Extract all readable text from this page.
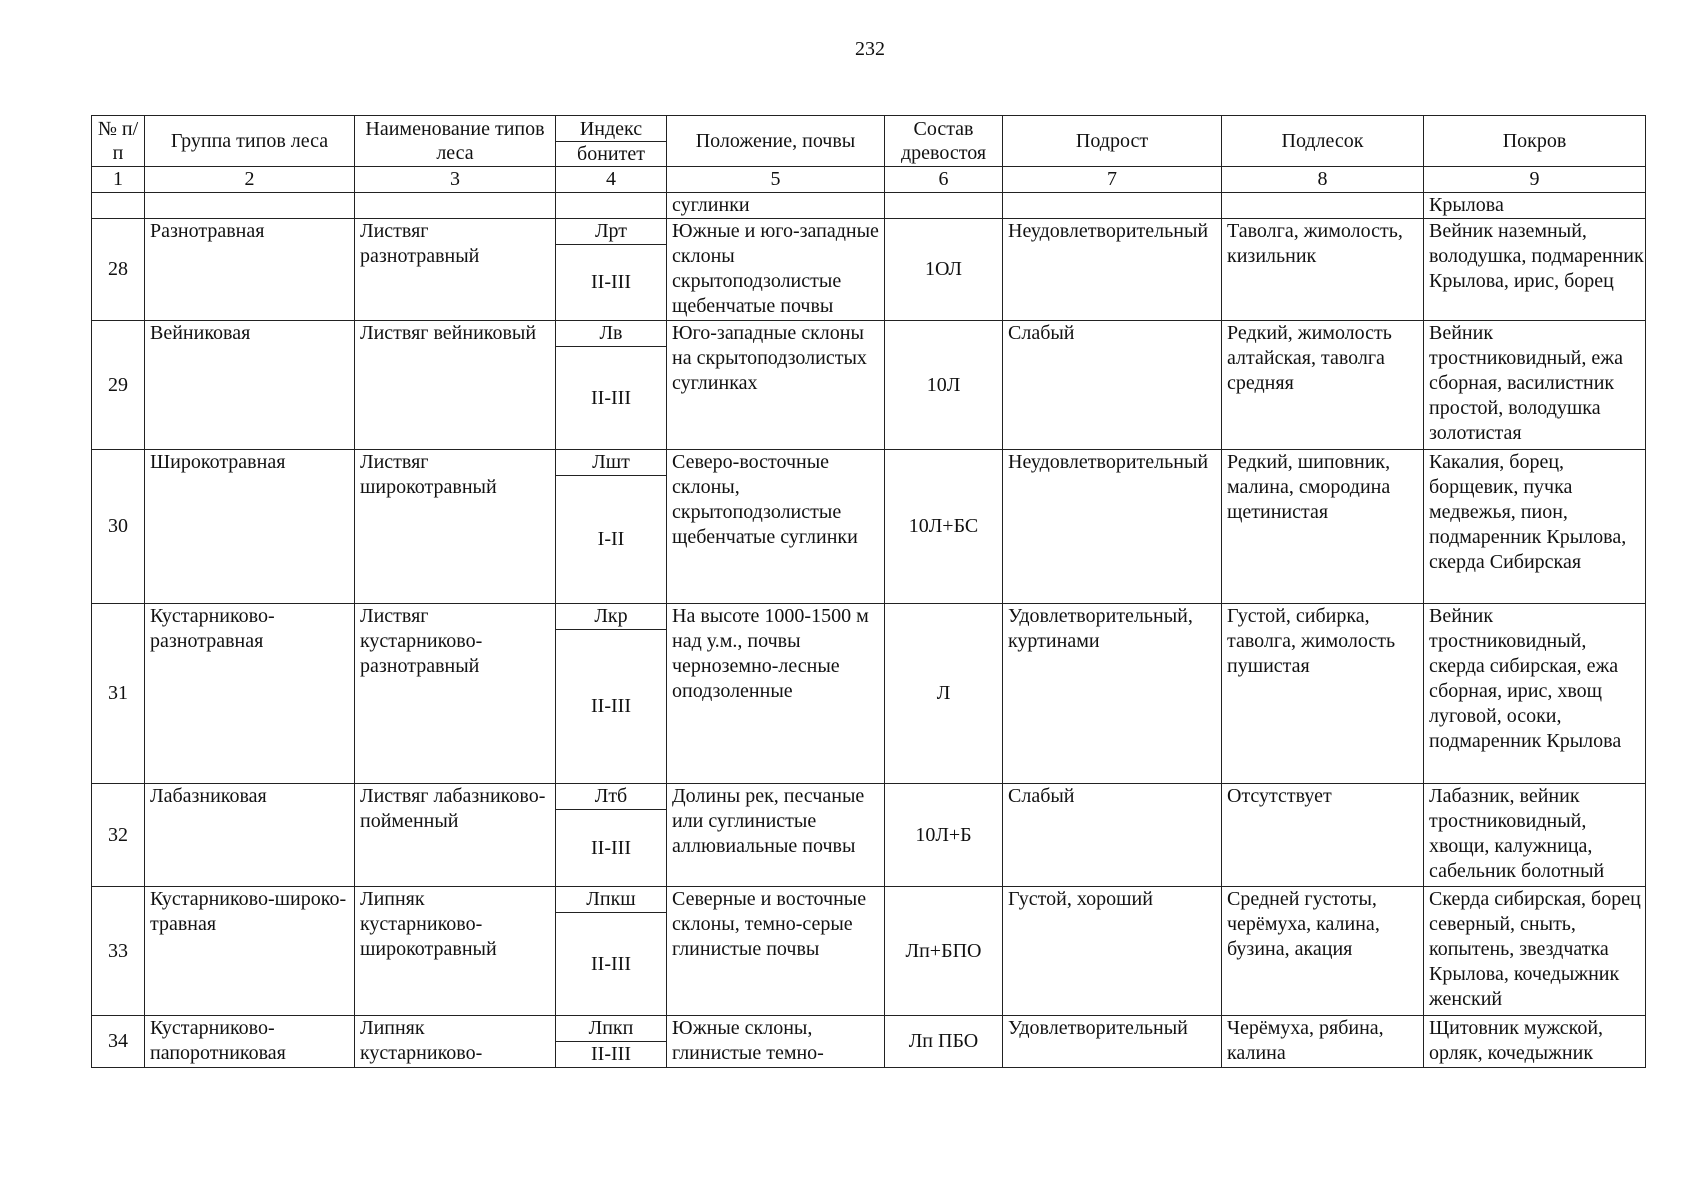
232
№ п/п	Группа типов леса	Наименование типов леса	Индекс	Положение, почвы	Состав древостоя	Подрост	Подлесок	Покров
			бонитет					
1	2	3	4	5	6	7	8	9
				суглинки				Крылова
28	Разнотравная	Листвяг разнотравный	Лрт	Южные и юго-западные склоны скрытоподзолистые щебенчатые почвы	1ОЛ	Неудовлетворительный	Таволга, жимолость, кизильник	Вейник наземный, володушка, подмаренник Крылова, ирис, борец
			II-III					
29	Вейниковая	Листвяг вейниковый	Лв	Юго-западные склоны на скрытоподзолистых суглинках	10Л	Слабый	Редкий, жимолость алтайская, таволга средняя	Вейник тростниковидный, ежа сборная, василистник простой, володушка золотистая
			II-III					
30	Широкотравная	Листвяг широкотравный	Лшт	Северо-восточные склоны, скрытоподзолистые щебенчатые суглинки	10Л+БС	Неудовлетворительный	Редкий, шиповник, малина, смородина щетинистая	Какалия, борец, борщевик, пучка медвежья, пион, подмаренник Крылова, скерда Сибирская
			I-II					
31	Кустарниково-разнотравная	Листвяг кустарниково-разнотравный	Лкр	На высоте 1000-1500 м над у.м., почвы черноземно-лесные оподзоленные	Л	Удовлетворительный, куртинами	Густой, сибирка, таволга, жимолость пушистая	Вейник тростниковидный, скерда сибирская, ежа сборная, ирис, хвощ луговой, осоки, подмаренник Крылова
			II-III					
32	Лабазниковая	Листвяг лабазниково-пойменный	Лтб	Долины рек, песчаные или суглинистые аллювиальные почвы	10Л+Б	Слабый	Отсутствует	Лабазник, вейник тростниковидный, хвощи, калужница, сабельник болотный
			II-III					
33	Кустарниково-широко-травная	Липняк кустарниково-широкотравный	Лпкш	Северные и восточные склоны, темно-серые глинистые почвы	Лп+БПО	Густой, хороший	Средней густоты, черёмуха, калина, бузина, акация	Скерда сибирская, борец северный, сныть, копытень, звездчатка Крылова, кочедыжник женский
			II-III					
34	Кустарниково-папоротниковая	Липняк кустарниково-	Лпкп	Южные склоны, глинистые темно-	Лп ПБО	Удовлетворительный	Черёмуха, рябина, калина	Щитовник мужской, орляк, кочедыжник
			II-III					
